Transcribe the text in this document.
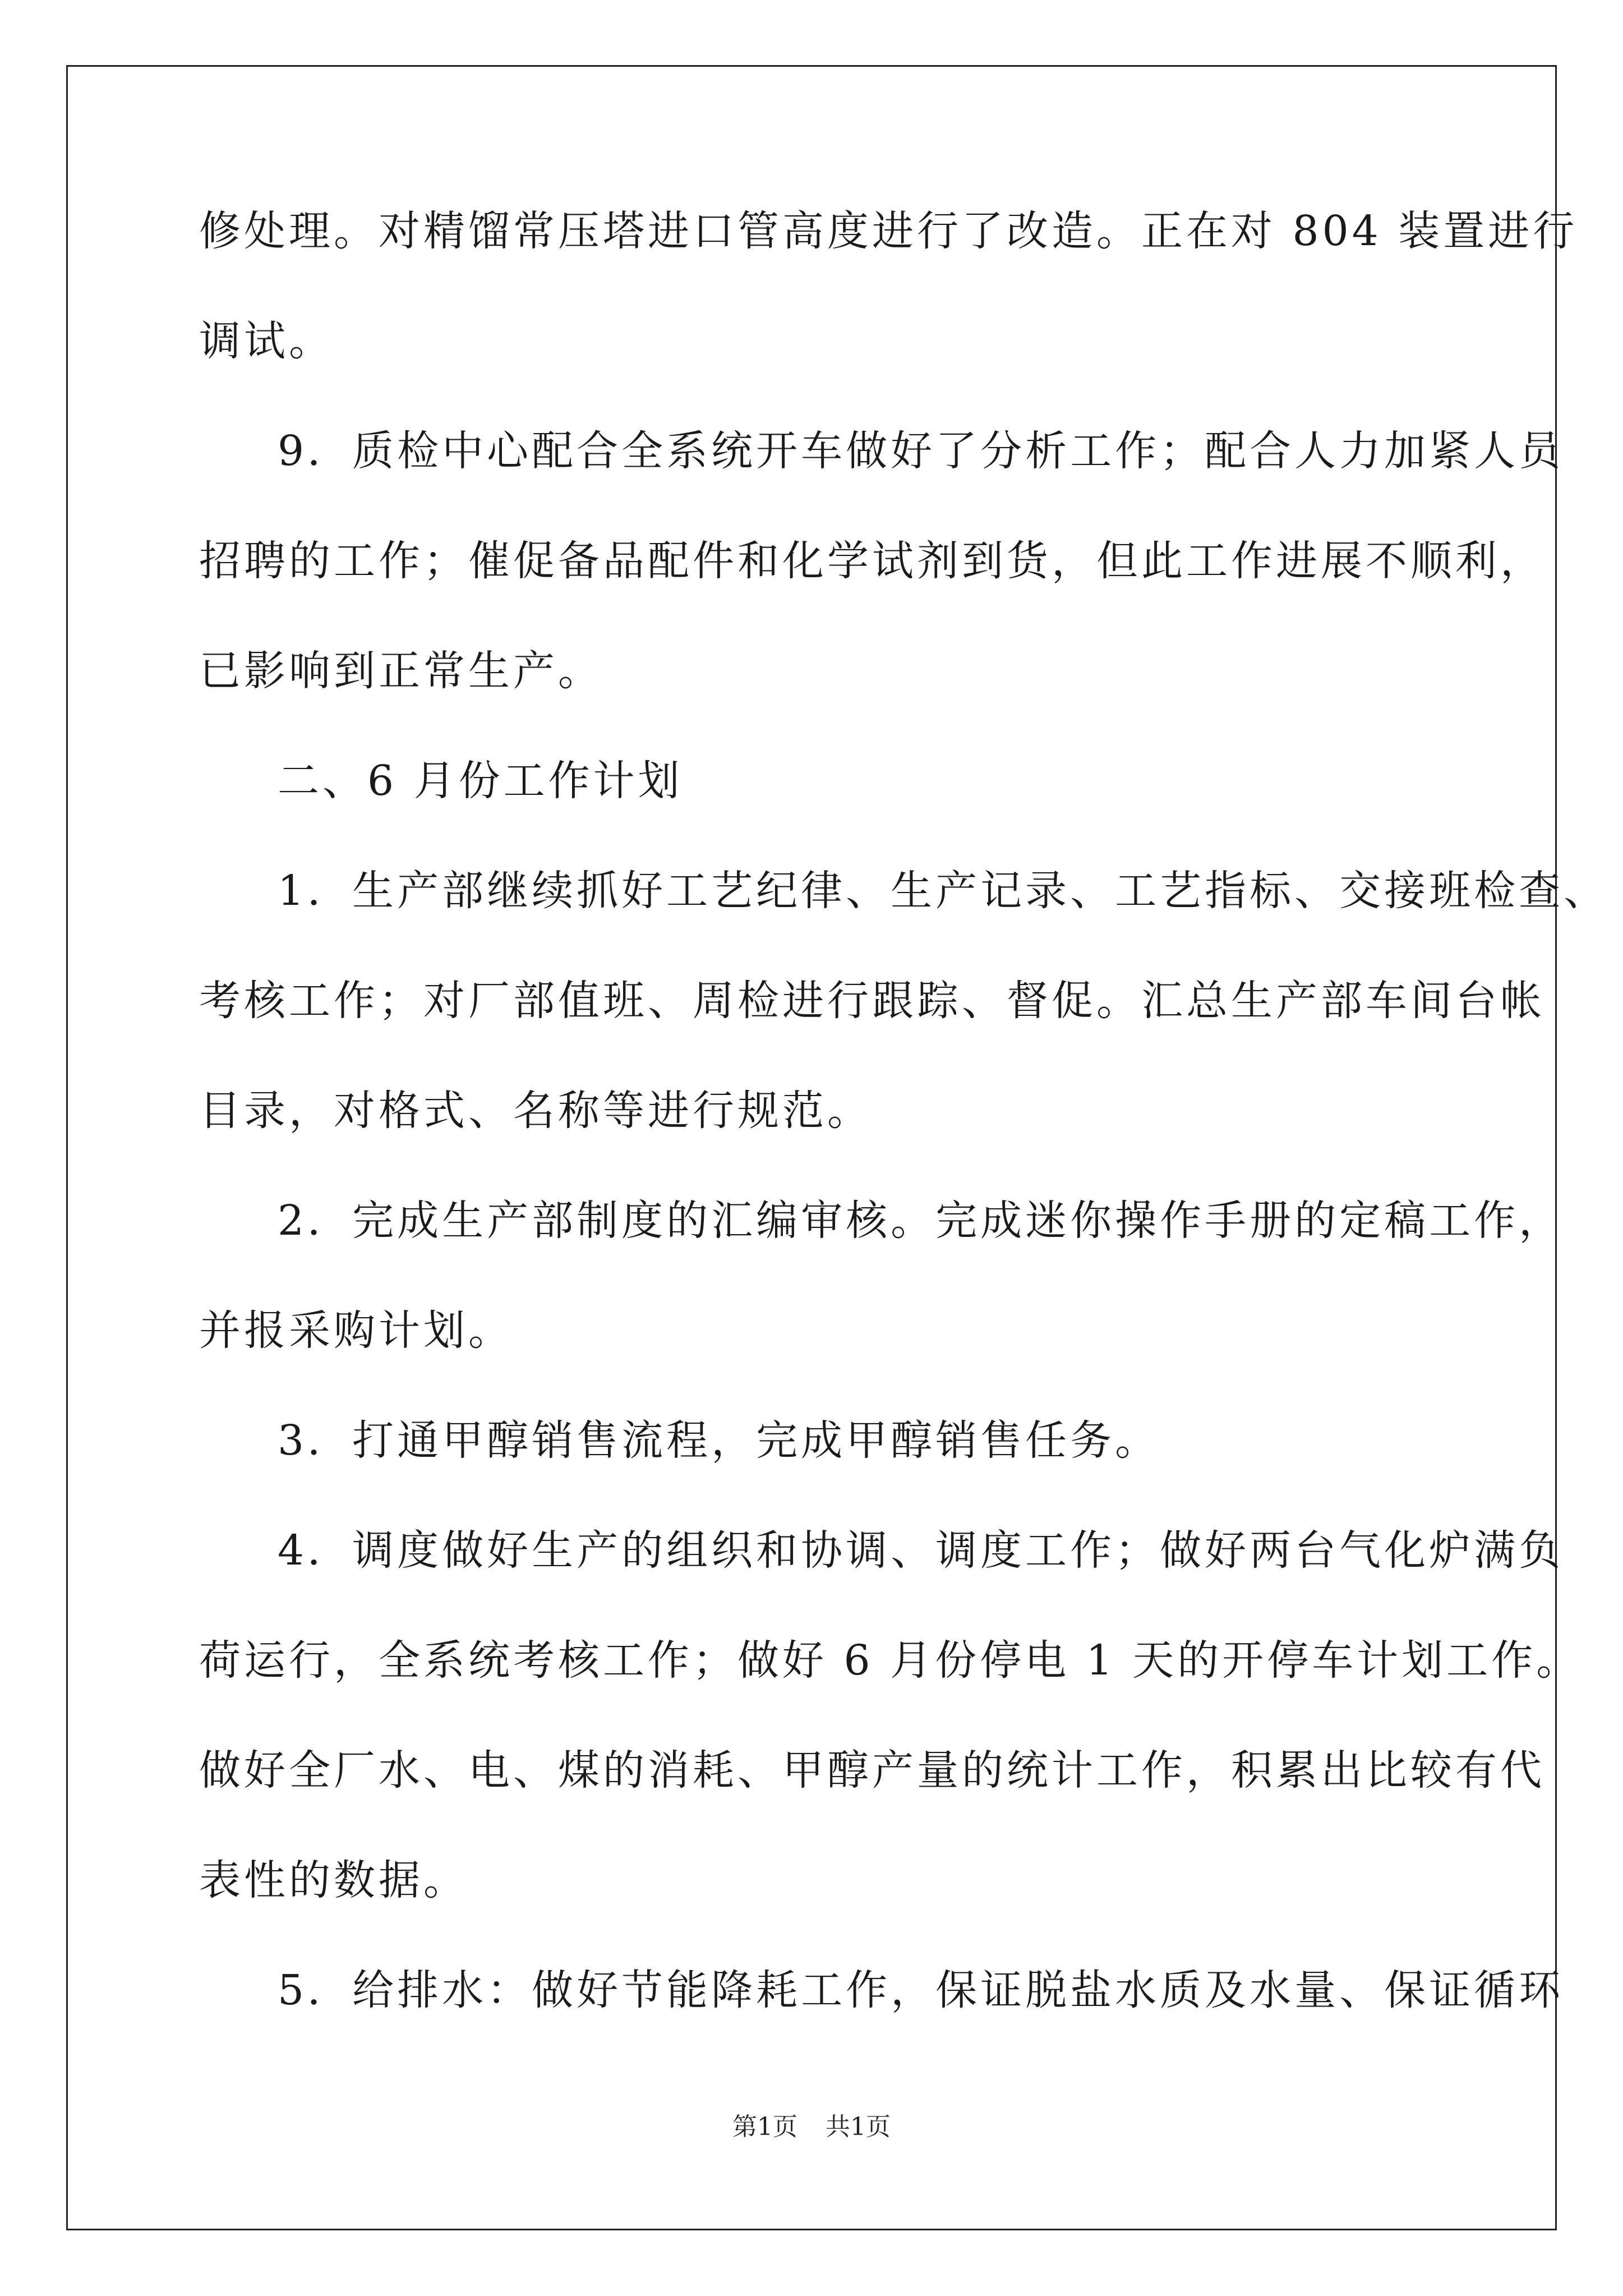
修处理。对精馏常压塔进口管高度进行了改造。正在对 804 装置进行
调试。
9．质检中心配合全系统开车做好了分析工作；配合人力加紧人员
招聘的工作；催促备品配件和化学试剂到货，但此工作进展不顺利，
已影响到正常生产。
二、6 月份工作计划
1．生产部继续抓好工艺纪律、生产记录、工艺指标、交接班检查、
考核工作；对厂部值班、周检进行跟踪、督促。汇总生产部车间台帐
目录，对格式、名称等进行规范。
2．完成生产部制度的汇编审核。完成迷你操作手册的定稿工作，
并报采购计划。
3．打通甲醇销售流程，完成甲醇销售任务。
4．调度做好生产的组织和协调、调度工作；做好两台气化炉满负
荷运行，全系统考核工作；做好 6 月份停电 1 天的开停车计划工作。
做好全厂水、电、煤的消耗、甲醇产量的统计工作，积累出比较有代
表性的数据。
5．给排水：做好节能降耗工作，保证脱盐水质及水量、保证循环
第1页 共1页
